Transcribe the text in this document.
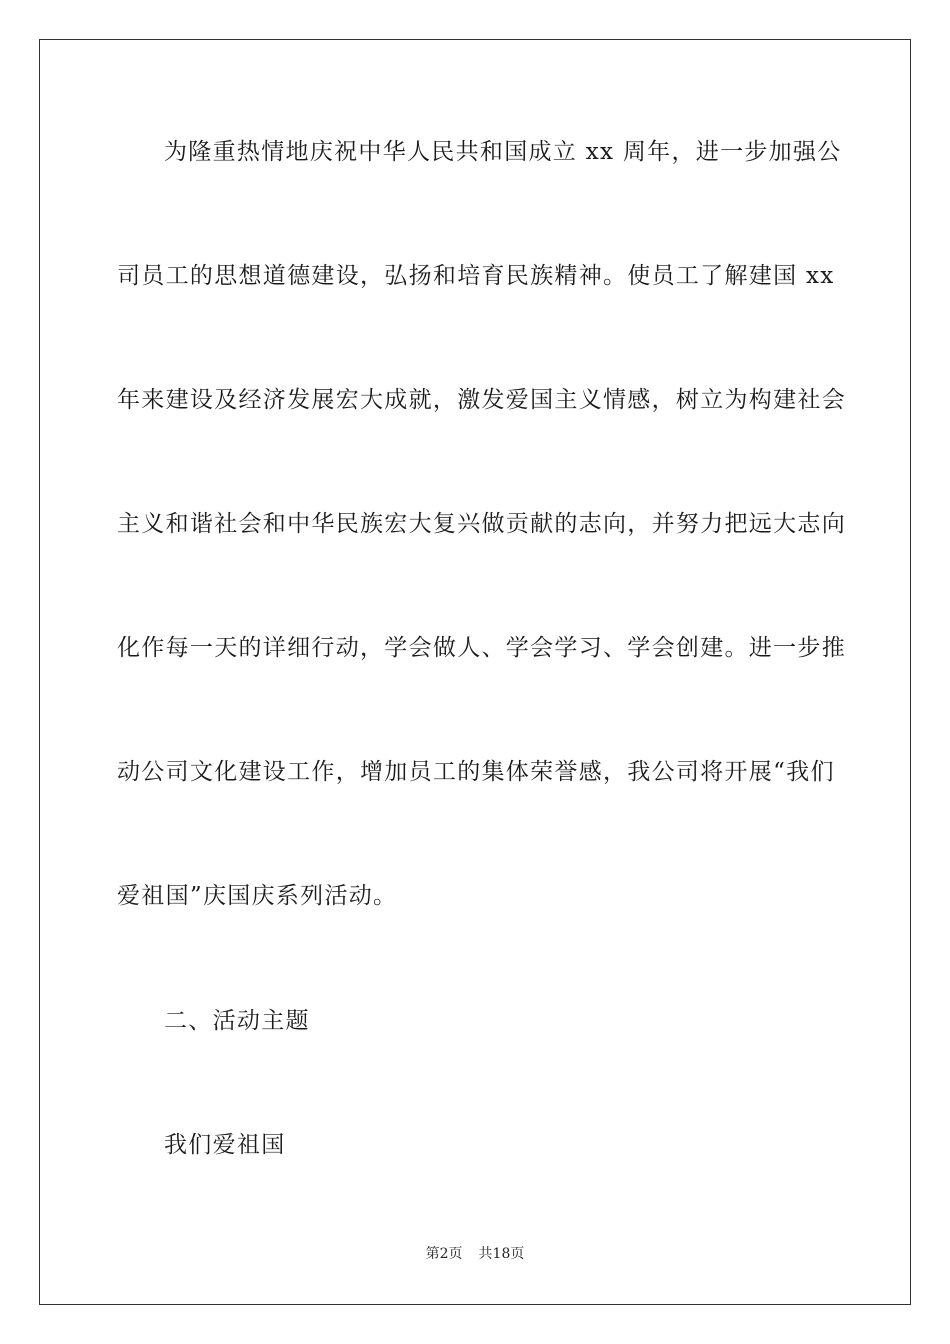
为隆重热情地庆祝中华人民共和国成立 xx 周年，进一步加强公
司员工的思想道德建设，弘扬和培育民族精神。使员工了解建国 xx
年来建设及经济发展宏大成就，激发爱国主义情感，树立为构建社会
主义和谐社会和中华民族宏大复兴做贡献的志向，并努力把远大志向
化作每一天的详细行动，学会做人、学会学习、学会创建。进一步推
动公司文化建设工作，增加员工的集体荣誉感，我公司将开展“我们
爱祖国”庆国庆系列活动。
二、活动主题
我们爱祖国
第2页 共18页
